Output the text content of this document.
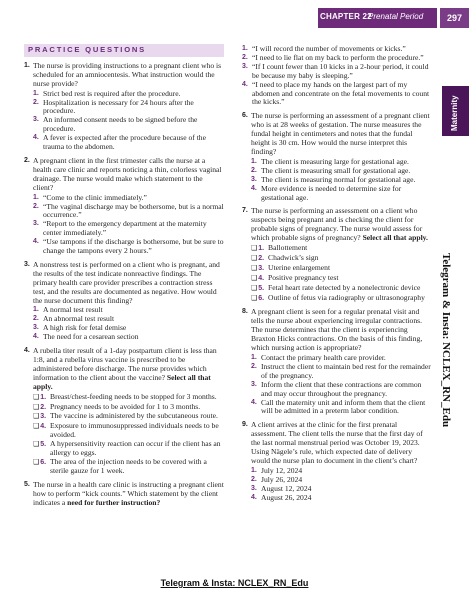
CHAPTER 22
Prenatal Period	297
Maternity
Telegram & Insta: NCLEX_RN_Edu
Telegram & Insta: NCLEX_RN_Edu
PRACTICE QUESTIONS
1. The nurse is providing instructions to a pregnant client who is scheduled for an amniocentesis. What instruction would the nurse provide?
1. Strict bed rest is required after the procedure.
2. Hospitalization is necessary for 24 hours after the procedure.
3. An informed consent needs to be signed before the procedure.
4. A fever is expected after the procedure because of the trauma to the abdomen.
2. A pregnant client in the first trimester calls the nurse at a health care clinic and reports noticing a thin, colorless vaginal drainage. The nurse would make which statement to the client?
1. “Come to the clinic immediately.”
2. “The vaginal discharge may be bothersome, but is a normal occurrence.”
3. “Report to the emergency department at the maternity center immediately.”
4. “Use tampons if the discharge is bothersome, but be sure to change the tampons every 2 hours.”
3. A nonstress test is performed on a client who is pregnant, and the results of the test indicate nonreactive findings. The primary health care provider prescribes a contraction stress test, and the results are documented as negative. How would the nurse document this finding?
1. A normal test result
2. An abnormal test result
3. A high risk for fetal demise
4. The need for a cesarean section
4. A rubella titer result of a 1-day postpartum client is less than 1:8, and a rubella virus vaccine is prescribed to be administered before discharge. The nurse provides which information to the client about the vaccine? Select all that apply.
❑1. Breast/chest-feeding needs to be stopped for 3 months.
❑2. Pregnancy needs to be avoided for 1 to 3 months.
❑3. The vaccine is administered by the subcutaneous route.
❑4. Exposure to immunosuppressed individuals needs to be avoided.
❑5. A hypersensitivity reaction can occur if the client has an allergy to eggs.
❑6. The area of the injection needs to be covered with a sterile gauze for 1 week.
5. The nurse in a health care clinic is instructing a pregnant client how to perform “kick counts.” Which statement by the client indicates a need for further instruction?
1. “I will record the number of movements or kicks.”
2. “I need to lie flat on my back to perform the procedure.”
3. “If I count fewer than 10 kicks in a 2-hour period, it could be because my baby is sleeping.”
4. “I need to place my hands on the largest part of my abdomen and concentrate on the fetal movements to count the kicks.”
6. The nurse is performing an assessment of a pregnant client who is at 28 weeks of gestation. The nurse measures the fundal height in centimeters and notes that the fundal height is 30 cm. How would the nurse interpret this finding?
1. The client is measuring large for gestational age.
2. The client is measuring small for gestational age.
3. The client is measuring normal for gestational age.
4. More evidence is needed to determine size for gestational age.
7. The nurse is performing an assessment on a client who suspects being pregnant and is checking the client for probable signs of pregnancy. The nurse would assess for which probable signs of pregnancy? Select all that apply.
❑1. Ballottement
❑2. Chadwick’s sign
❑3. Uterine enlargement
❑4. Positive pregnancy test
❑5. Fetal heart rate detected by a nonelectronic device
❑6. Outline of fetus via radiography or ultrasonography
8. A pregnant client is seen for a regular prenatal visit and tells the nurse about experiencing irregular contractions. The nurse determines that the client is experiencing Braxton Hicks contractions. On the basis of this finding, which nursing action is appropriate?
1. Contact the primary health care provider.
2. Instruct the client to maintain bed rest for the remainder of the pregnancy.
3. Inform the client that these contractions are common and may occur throughout the pregnancy.
4. Call the maternity unit and inform them that the client will be admitted in a preterm labor condition.
9. A client arrives at the clinic for the first prenatal assessment. The client tells the nurse that the first day of the last normal menstrual period was October 19, 2023. Using Nägele’s rule, which expected date of delivery would the nurse plan to document in the client’s chart?
1. July 12, 2024
2. July 26, 2024
3. August 12, 2024
4. August 26, 2024
